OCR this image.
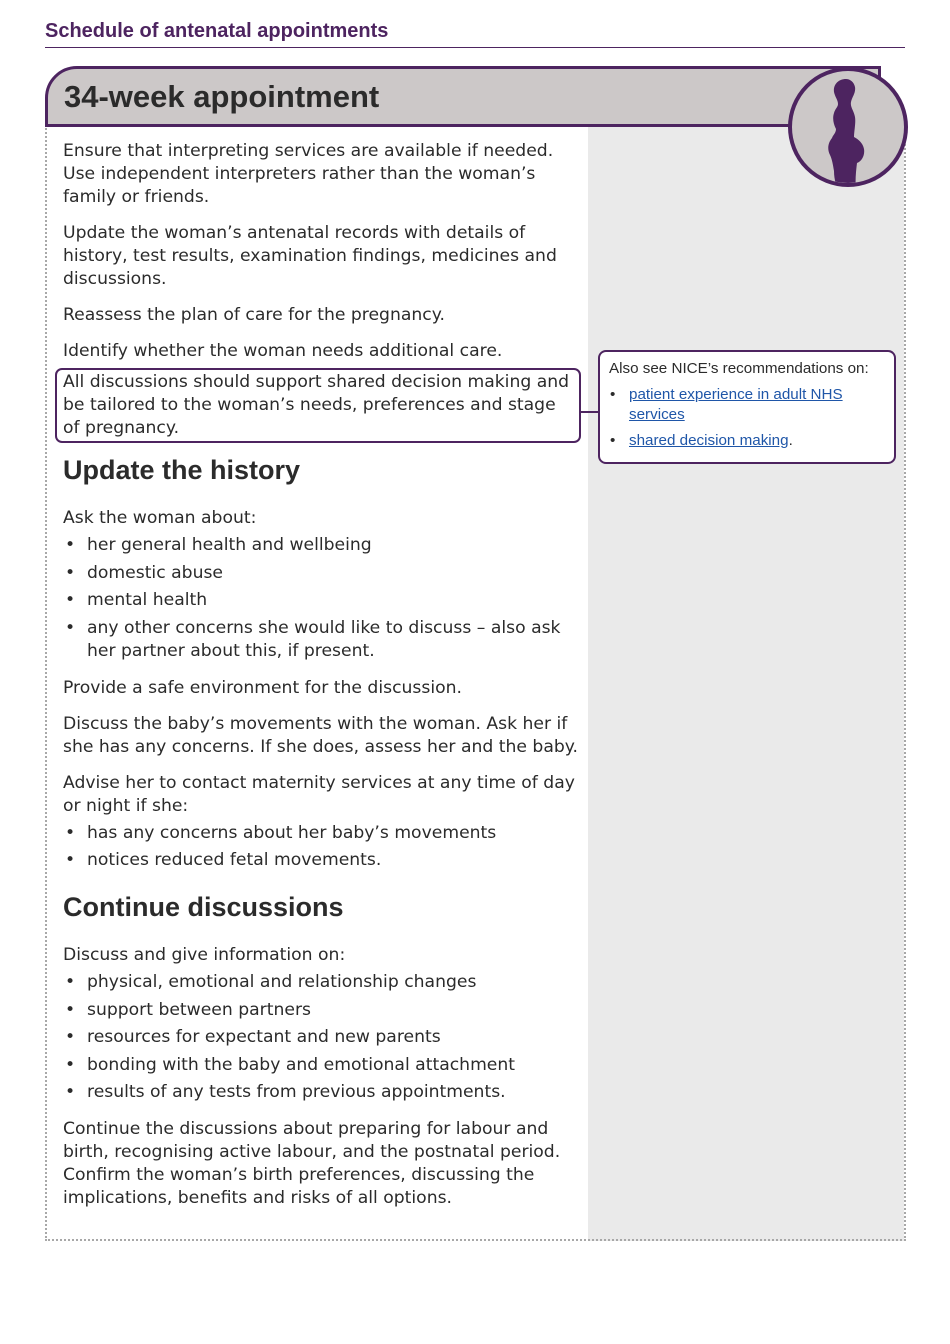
Schedule of antenatal appointments
34-week appointment

Ensure that interpreting services are available if needed. Use independent interpreters rather than the woman’s family or friends.

Update the woman’s antenatal records with details of history, test results, examination findings, medicines and discussions.

Reassess the plan of care for the pregnancy.

Identify whether the woman needs additional care.

All discussions should support shared decision making and be tailored to the woman’s needs, preferences and stage of pregnancy.
Update the history

Ask the woman about:

• her general health and wellbeing
• domestic abuse
• mental health
• any other concerns she would like to discuss – also ask her partner about this, if present.

Provide a safe environment for the discussion.

Discuss the baby’s movements with the woman. Ask her if she has any concerns. If she does, assess her and the baby.

Advise her to contact maternity services at any time of day or night if she:

• has any concerns about her baby’s movements
• notices reduced fetal movements.
Continue discussions

Discuss and give information on:

• physical, emotional and relationship changes
• support between partners
• resources for expectant and new parents
• bonding with the baby and emotional attachment
• results of any tests from previous appointments.

Continue the discussions about preparing for labour and birth, recognising active labour, and the postnatal period. Confirm the woman’s birth preferences, discussing the implications, benefits and risks of all options.

Also see NICE’s recommendations on:

• patient experience in adult NHS services
• shared decision making.
